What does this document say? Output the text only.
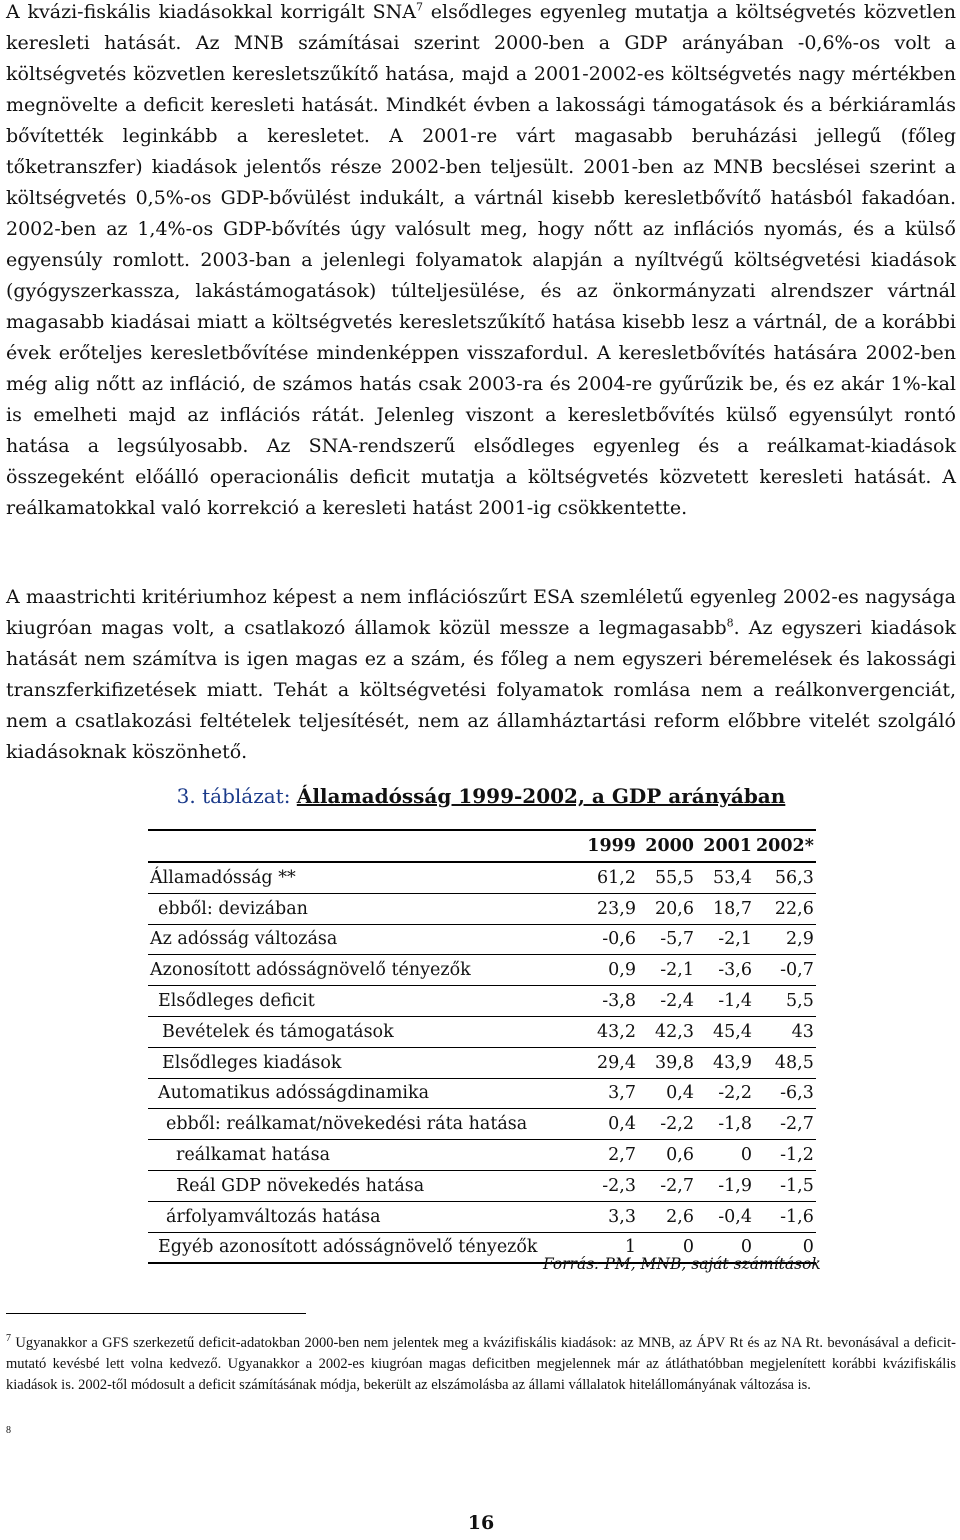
A kvázi-fiskális kiadásokkal korrigált SNA$^7$ elsődleges egyenleg mutatja a költségvetés közvetlen keresleti hatását. Az MNB számításai szerint 2000-ben a GDP arányában -0,6%-os volt a költségvetés közvetlen keresletszűkítő hatása, majd a 2001-2002-es költségvetés nagy mértékben megnövelte a deficit keresleti hatását. Mindkét évben a lakossági támogatások és a bérkiáramlás bővítették leginkább a keresletet. A 2001-re várt magasabb beruházási jellegű (főleg tőketranszfer) kiadások jelentős része 2002-ben teljesült. 2001-ben az MNB becslései szerint a költségvetés 0,5%-os GDP-bővülést indukált, a vártnál kisebb keresletbővítő hatásból fakadóan. 2002-ben az 1,4%-os GDP-bővítés úgy valósult meg, hogy nőtt az inflációs nyomás, és a külső egyensúly romlott. 2003-ban a jelenlegi folyamatok alapján a nyíltvégű költségvetési kiadások (gyógyszerkassza, lakástámogatások) túlteljesülése, és az önkormányzati alrendszer vártnál magasabb kiadásai miatt a költségvetés keresletszűkítő hatása kisebb lesz a vártnál, de a korábbi évek erőteljes keresletbővítése mindenképpen visszafordul. A keresletbővítés hatására 2002-ben még alig nőtt az infláció, de számos hatás csak 2003-ra és 2004-re gyűrűzik be, és ez akár 1%-kal is emelheti majd az inflációs rátát. Jelenleg viszont a keresletbővítés külső egyensúlyt rontó hatása a legsúlyosabb. Az SNA-rendszerű elsődleges egyenleg és a reálkamat-kiadások összegeként előálló operacionális deficit mutatja a költségvetés közvetett keresleti hatását. A reálkamatokkal való korrekció a keresleti hatást 2001-ig csökkentette.

A maastrichti kritériumhoz képest a nem inflációszűrt ESA szemléletű egyenleg 2002-es nagysága kiugróan magas volt, a csatlakozó államok közül messze a legmagasabb$^8$. Az egyszeri kiadások hatását nem számítva is igen magas ez a szám, és főleg a nem egyszeri béremelések és lakossági transzferkifizetések miatt. Tehát a költségvetési folyamatok romlása nem a reálkonvergenciát, nem a csatlakozási feltételek teljesítését, nem az államháztartási reform előbbre vitelét szolgáló kiadásoknak köszönhető.

3. táblázat: Államadósság 1999-2002, a GDP arányában
	1999	2000	2001	2002*
Államadósság **	61,2	55,5	53,4	56,3
ebből: devizában	23,9	20,6	18,7	22,6
Az adósság változása	-0,6	-5,7	-2,1	2,9
Azonosított adósságnövelő tényezők	0,9	-2,1	-3,6	-0,7
Elsődleges deficit	-3,8	-2,4	-1,4	5,5
Bevételek és támogatások	43,2	42,3	45,4	43
Elsődleges kiadások	29,4	39,8	43,9	48,5
Automatikus adósságdinamika	3,7	0,4	-2,2	-6,3
ebből: reálkamat/növekedési ráta hatása	0,4	-2,2	-1,8	-2,7
reálkamat hatása	2,7	0,6	0	-1,2
Reál GDP növekedés hatása	-2,3	-2,7	-1,9	-1,5
árfolyamváltozás hatása	3,3	2,6	-0,4	-1,6
Egyéb azonosított adósságnövelő tényezők	1	0	0	0
Forrás: PM, MNB, saját számítások
$^7$ Ugyanakkor a GFS szerkezetű deficit-adatokban 2000-ben nem jelentek meg a kvázifiskális kiadások: az MNB, az ÁPV Rt és az NA Rt. bevonásával a deficit-mutató kevésbé lett volna kedvező. Ugyanakkor a 2002-es kiugróan magas deficitben megjelennek már az átláthatóbban megjelenített korábbi kvázifiskális kiadások is. 2002-től módosult a deficit számításának módja, bekerült az elszámolásba az állami vállalatok hitelállományának változása is.
$^8$
16
